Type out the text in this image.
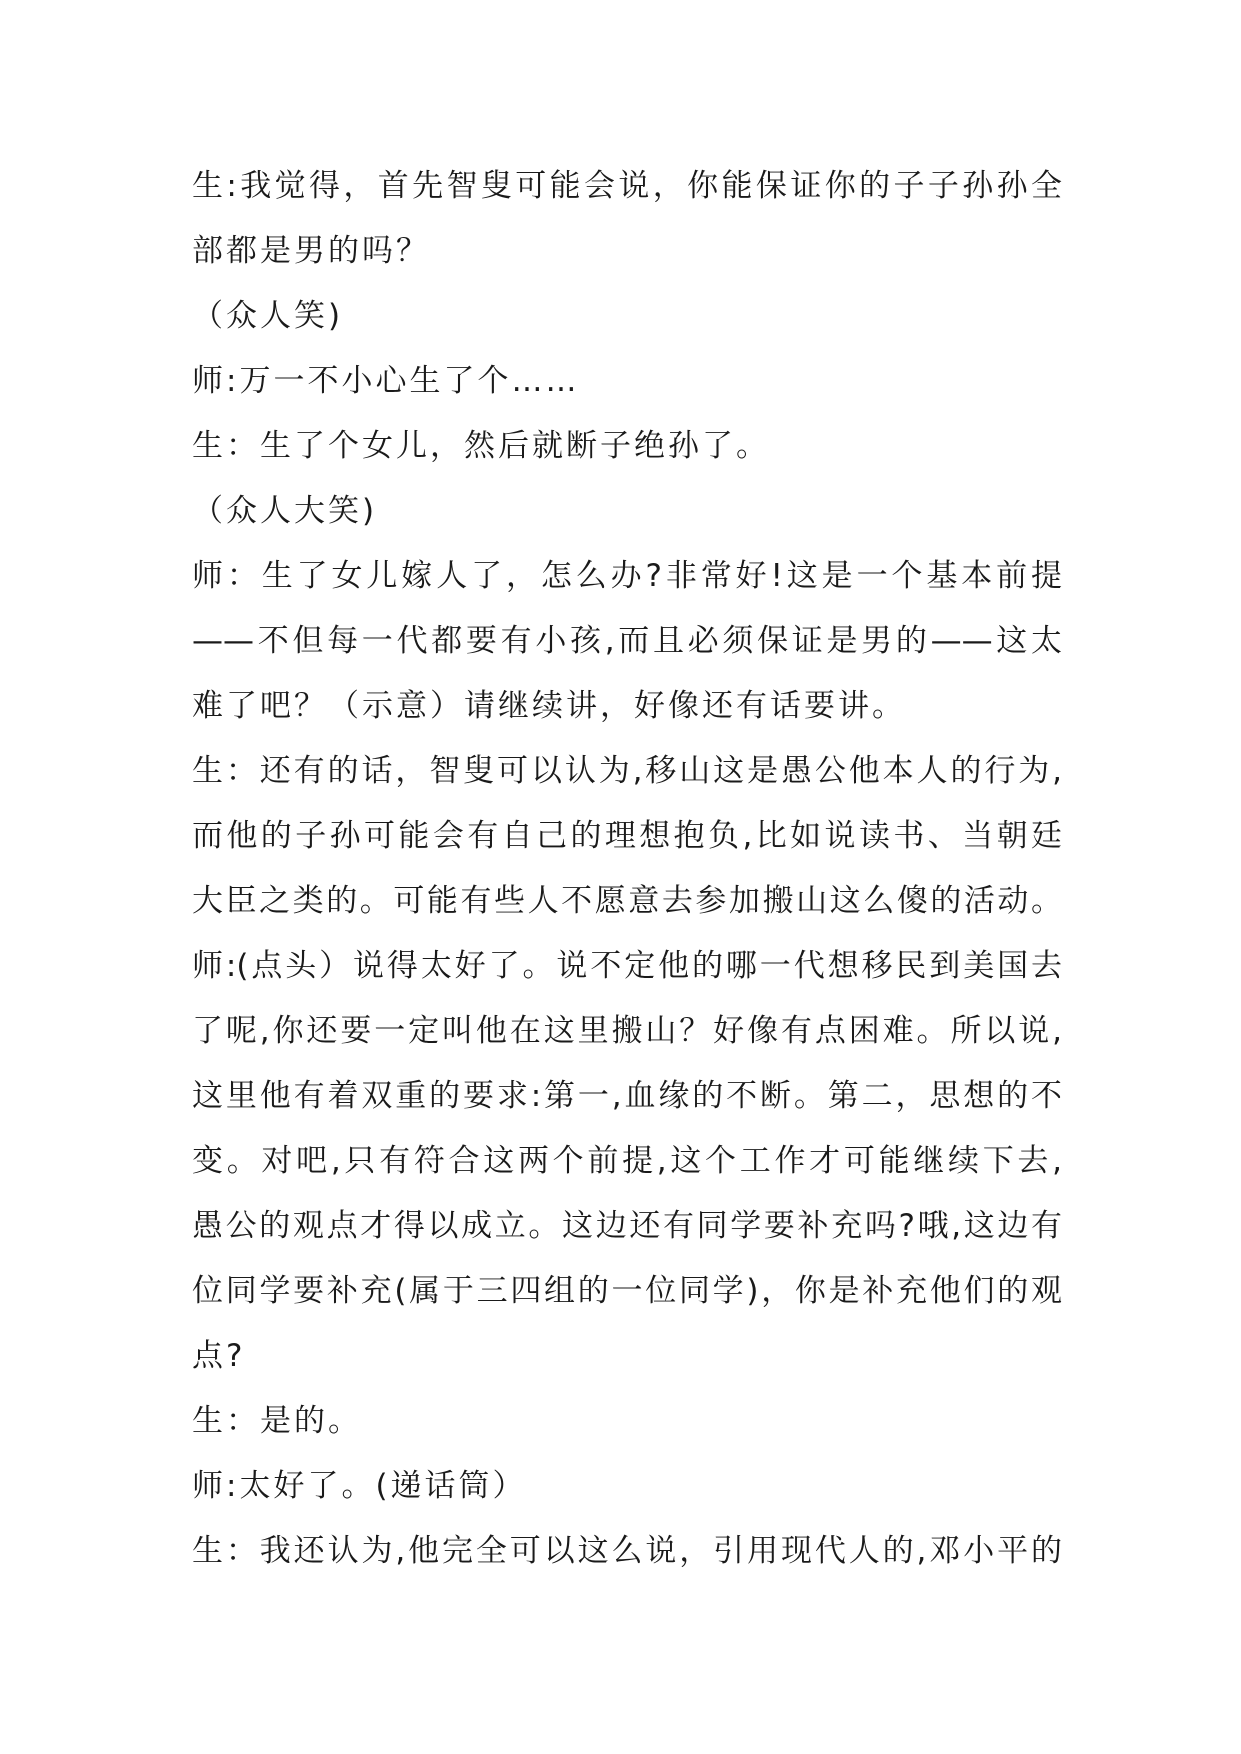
生:我觉得，首先智叟可能会说，你能保证你的子子孙孙全
部都是男的吗？
（众人笑)
师:万一不小心生了个……
生：生了个女儿，然后就断子绝孙了。
（众人大笑)
师：生了女儿嫁人了，怎么办?非常好!这是一个基本前提
——不但每一代都要有小孩,而且必须保证是男的——这太
难了吧？（示意）请继续讲，好像还有话要讲。
生：还有的话，智叟可以认为,移山这是愚公他本人的行为,
而他的子孙可能会有自己的理想抱负,比如说读书、当朝廷
大臣之类的。可能有些人不愿意去参加搬山这么傻的活动。
师:(点头）说得太好了。说不定他的哪一代想移民到美国去
了呢,你还要一定叫他在这里搬山？好像有点困难。所以说,
这里他有着双重的要求:第一,血缘的不断。第二，思想的不
变。对吧,只有符合这两个前提,这个工作才可能继续下去,
愚公的观点才得以成立。这边还有同学要补充吗?哦,这边有
位同学要补充(属于三四组的一位同学)，你是补充他们的观
点?
生：是的。
师:太好了。(递话筒）
生：我还认为,他完全可以这么说，引用现代人的,邓小平的
